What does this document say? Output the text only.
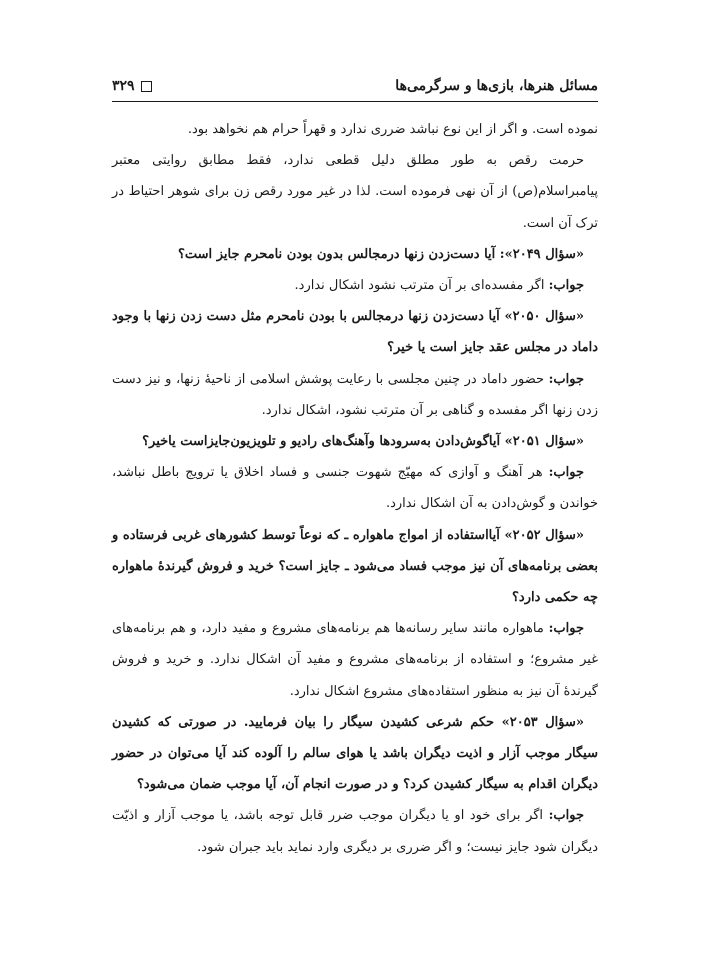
مسائل هنرها، بازی‌ها و سرگرمی‌ها
۳۲۹

نموده است. و اگر از این نوع نباشد ضرری ندارد و قهراً حرام هم نخواهد بود.

حرمت رقص به طور مطلق دلیل قطعی ندارد، فقط مطابق روایتی معتبر پیامبراسلام(ص) از آن نهی فرموده است. لذا در غیر مورد رقص زن برای شوهر احتیاط در ترک آن است.

«سؤال ۲۰۴۹»: آیا دست‌زدن زنها درمجالس بدون بودن نامحرم جایز است؟

جواب: اگر مفسده‌ای بر آن مترتب نشود اشکال ندارد.

«سؤال ۲۰۵۰» آیا دست‌زدن زنها درمجالس با بودن نامحرم مثل دست زدن زنها با وجود داماد در مجلس عقد جایز است یا خیر؟

جواب: حضور داماد در چنین مجلسی با رعایت پوشش اسلامی از ناحیهٔ زنها، و نیز دست زدن زنها اگر مفسده و گناهی بر آن مترتب نشود، اشکال ندارد.

«سؤال ۲۰۵۱» آیاگوش‌دادن به‌سرودها وآهنگ‌های رادیو و تلویزیون‌جایزاست یاخیر؟

جواب: هر آهنگ و آوازی که مهیّج شهوت جنسی و فساد اخلاق یا ترویج باطل نباشد، خواندن و گوش‌دادن به آن اشکال ندارد.

«سؤال ۲۰۵۲» آیااستفاده از امواج ماهواره ـ که نوعاً توسط کشورهای غربی فرستاده و بعضی برنامه‌های آن نیز موجب فساد می‌شود ـ جایز است؟ خرید و فروش گیرندهٔ ماهواره چه حکمی دارد؟

جواب: ماهواره مانند سایر رسانه‌ها هم برنامه‌های مشروع و مفید دارد، و هم برنامه‌های غیر مشروع؛ و استفاده از برنامه‌های مشروع و مفید آن اشکال ندارد. و خرید و فروش گیرندهٔ آن نیز به منظور استفاده‌های مشروع اشکال ندارد.

«سؤال ۲۰۵۳» حکم شرعی کشیدن سیگار را بیان فرمایید. در صورتی که کشیدن سیگار موجب آزار و اذیت دیگران باشد یا هوای سالم را آلوده کند آیا می‌توان در حضور دیگران اقدام به سیگار کشیدن کرد؟ و در صورت انجام آن، آیا موجب ضمان می‌شود؟

جواب: اگر برای خود او یا دیگران موجب ضرر قابل توجه باشد، یا موجب آزار و اذیّت دیگران شود جایز نیست؛ و اگر ضرری بر دیگری وارد نماید باید جبران شود.
